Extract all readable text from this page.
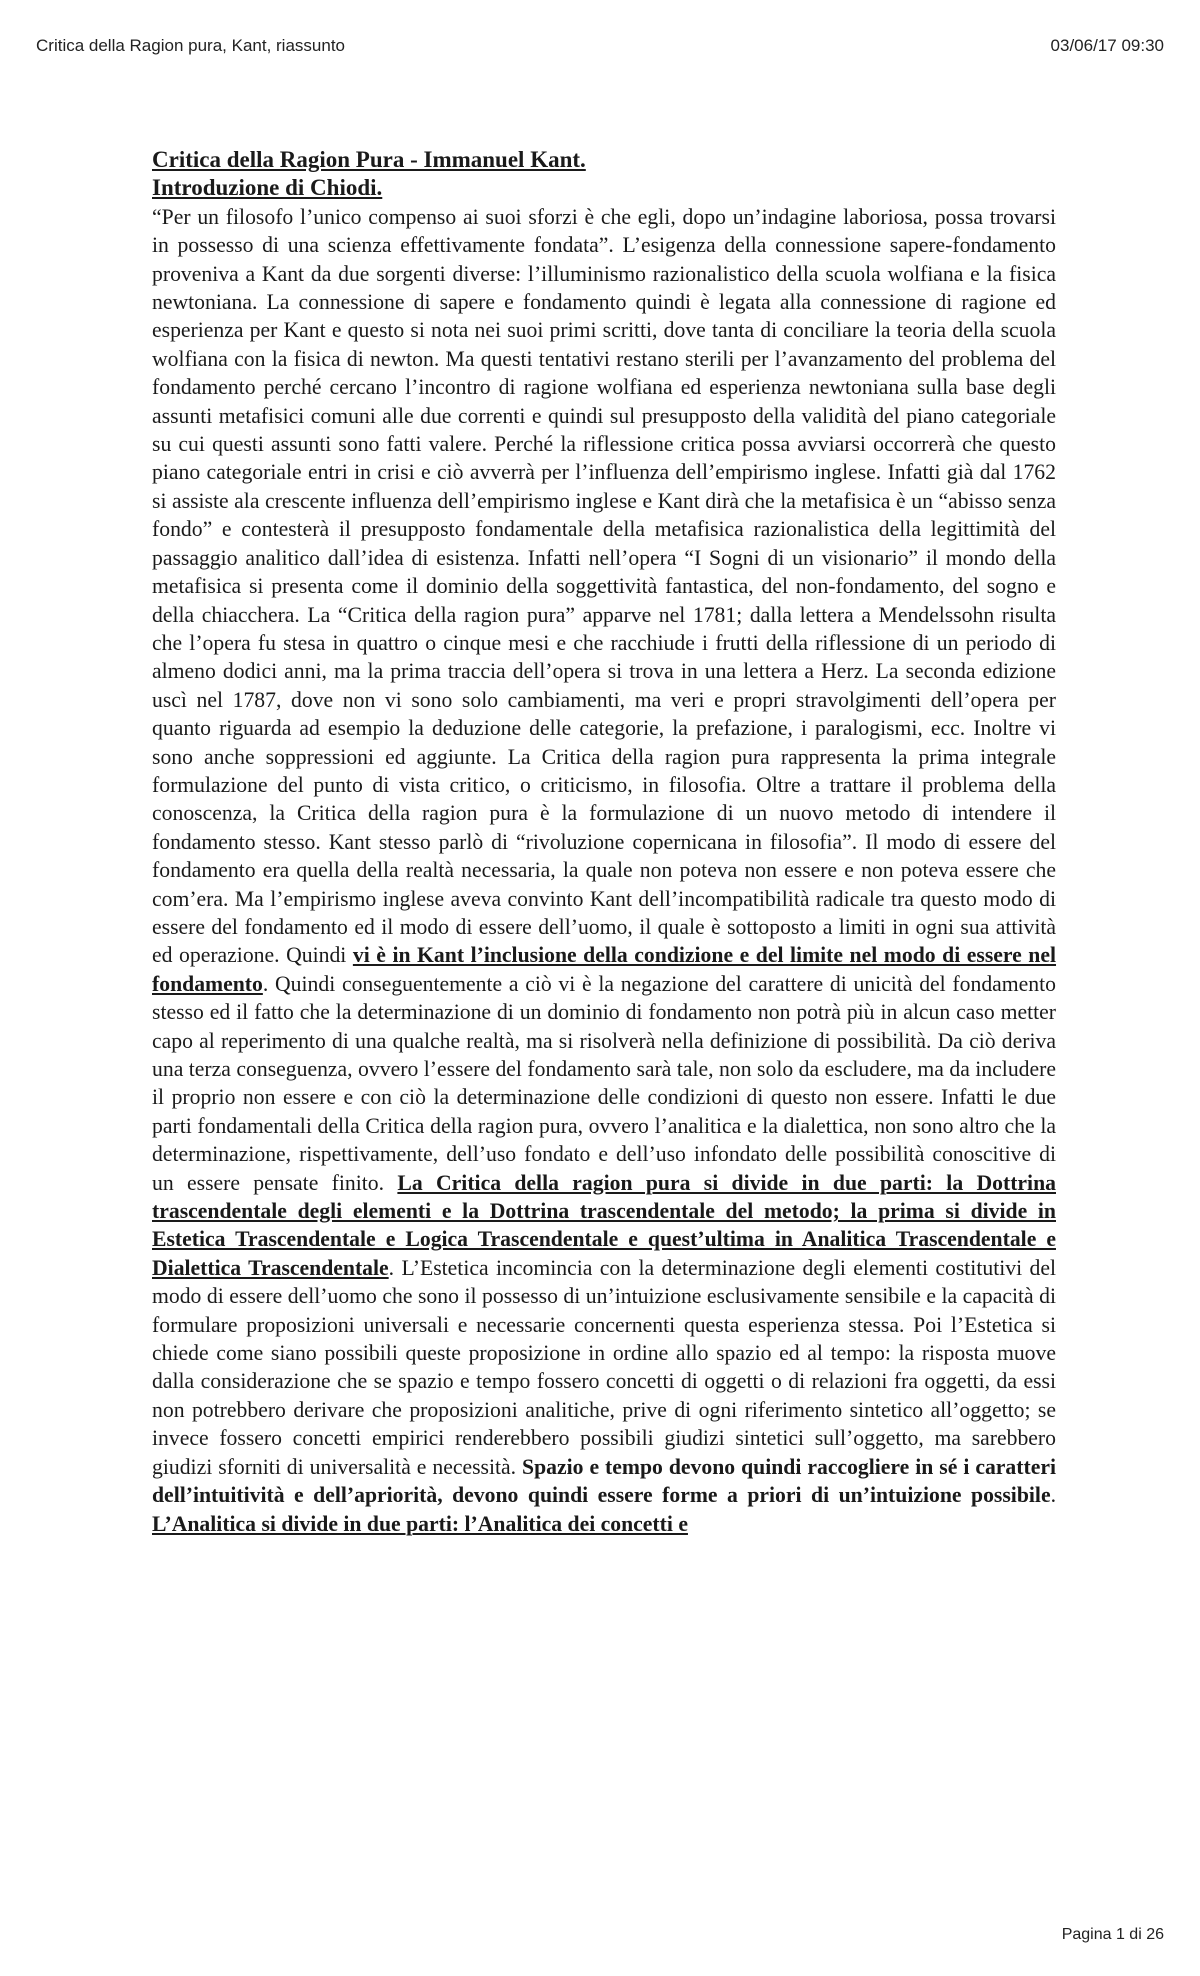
Critica della Ragion pura, Kant, riassunto	03/06/17 09:30
Critica della Ragion Pura - Immanuel Kant.
Introduzione di Chiodi.

“Per un filosofo l’unico compenso ai suoi sforzi è che egli, dopo un’indagine laboriosa, possa trovarsi in possesso di una scienza effettivamente fondata”. L’esigenza della connessione sapere-fondamento proveniva a Kant da due sorgenti diverse: l’illuminismo razionalistico della scuola wolfiana e la fisica newtoniana. La connessione di sapere e fondamento quindi è legata alla connessione di ragione ed esperienza per Kant e questo si nota nei suoi primi scritti, dove tanta di conciliare la teoria della scuola wolfiana con la fisica di newton. Ma questi tentativi restano sterili per l’avanzamento del problema del fondamento perché cercano l’incontro di ragione wolfiana ed esperienza newtoniana sulla base degli assunti metafisici comuni alle due correnti e quindi sul presupposto della validità del piano categoriale su cui questi assunti sono fatti valere. Perché la riflessione critica possa avviarsi occorrerà che questo piano categoriale entri in crisi e ciò avverrà per l’influenza dell’empirismo inglese. Infatti già dal 1762 si assiste ala crescente influenza dell’empirismo inglese e Kant dirà che la metafisica è un “abisso senza fondo” e contesterà il presupposto fondamentale della metafisica razionalistica della legittimità del passaggio analitico dall’idea di esistenza. Infatti nell’opera “I Sogni di un visionario” il mondo della metafisica si presenta come il dominio della soggettività fantastica, del non-fondamento, del sogno e della chiacchera. La “Critica della ragion pura” apparve nel 1781; dalla lettera a Mendelssohn risulta che l’opera fu stesa in quattro o cinque mesi e che racchiude i frutti della riflessione di un periodo di almeno dodici anni, ma la prima traccia dell’opera si trova in una lettera a Herz. La seconda edizione uscì nel 1787, dove non vi sono solo cambiamenti, ma veri e propri stravolgimenti dell’opera per quanto riguarda ad esempio la deduzione delle categorie, la prefazione, i paralogismi, ecc. Inoltre vi sono anche soppressioni ed aggiunte. La Critica della ragion pura rappresenta la prima integrale formulazione del punto di vista critico, o criticismo, in filosofia. Oltre a trattare il problema della conoscenza, la Critica della ragion pura è la formulazione di un nuovo metodo di intendere il fondamento stesso. Kant stesso parlò di “rivoluzione copernicana in filosofia”. Il modo di essere del fondamento era quella della realtà necessaria, la quale non poteva non essere e non poteva essere che com’era. Ma l’empirismo inglese aveva convinto Kant dell’incompatibilità radicale tra questo modo di essere del fondamento ed il modo di essere dell’uomo, il quale è sottoposto a limiti in ogni sua attività ed operazione. Quindi vi è in Kant l’inclusione della condizione e del limite nel modo di essere nel fondamento. Quindi conseguentemente a ciò vi è la negazione del carattere di unicità del fondamento stesso ed il fatto che la determinazione di un dominio di fondamento non potrà più in alcun caso metter capo al reperimento di una qualche realtà, ma si risolverà nella definizione di possibilità. Da ciò deriva una terza conseguenza, ovvero l’essere del fondamento sarà tale, non solo da escludere, ma da includere il proprio non essere e con ciò la determinazione delle condizioni di questo non essere. Infatti le due parti fondamentali della Critica della ragion pura, ovvero l’analitica e la dialettica, non sono altro che la determinazione, rispettivamente, dell’uso fondato e dell’uso infondato delle possibilità conoscitive di un essere pensate finito. La Critica della ragion pura si divide in due parti: la Dottrina trascendentale degli elementi e la Dottrina trascendentale del metodo; la prima si divide in Estetica Trascendentale e Logica Trascendentale e quest’ultima in Analitica Trascendentale e Dialettica Trascendentale. L’Estetica incomincia con la determinazione degli elementi costitutivi del modo di essere dell’uomo che sono il possesso di un’intuizione esclusivamente sensibile e la capacità di formulare proposizioni universali e necessarie concernenti questa esperienza stessa. Poi l’Estetica si chiede come siano possibili queste proposizione in ordine allo spazio ed al tempo: la risposta muove dalla considerazione che se spazio e tempo fossero concetti di oggetti o di relazioni fra oggetti, da essi non potrebbero derivare che proposizioni analitiche, prive di ogni riferimento sintetico all’oggetto; se invece fossero concetti empirici renderebbero possibili giudizi sintetici sull’oggetto, ma sarebbero giudizi sforniti di universalità e necessità. Spazio e tempo devono quindi raccogliere in sé i caratteri dell’intuitività e dell’apriorità, devono quindi essere forme a priori di un’intuizione possibile. L’Analitica si divide in due parti: l’Analitica dei concetti e

Pagina 1 di 26
